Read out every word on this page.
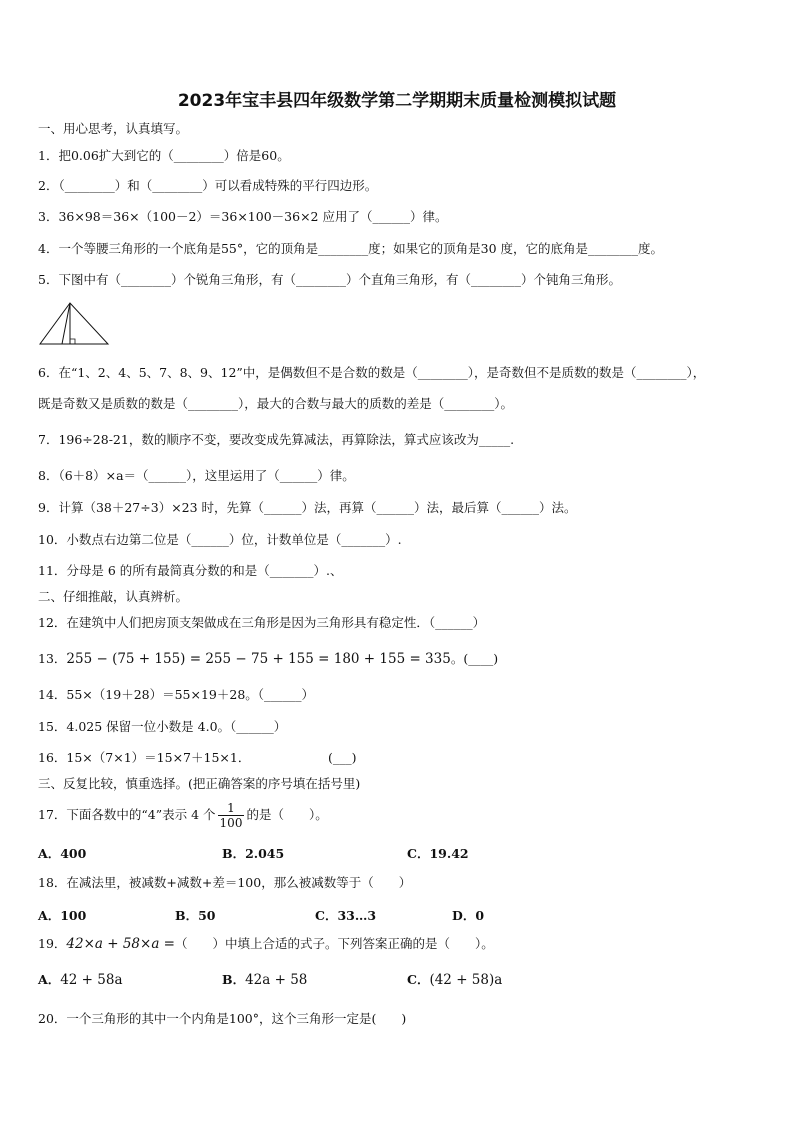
2023年宝丰县四年级数学第二学期期末质量检测模拟试题
一、用心思考，认真填写。
1．把0.06扩大到它的（________）倍是60。
2．（________）和（________）可以看成特殊的平行四边形。
3．36×98＝36×（100－2）＝36×100－36×2 应用了（______）律。
4．一个等腰三角形的一个底角是55°，它的顶角是________度；如果它的顶角是30 度，它的底角是________度。
5．下图中有（________）个锐角三角形，有（________）个直角三角形，有（________）个钝角三角形。
6．在“1、2、4、5、7、8、9、12”中，是偶数但不是合数的数是（________），是奇数但不是质数的数是（________），
既是奇数又是质数的数是（________），最大的合数与最大的质数的差是（________）。
7．196÷28-21，数的顺序不变，要改变成先算减法，再算除法，算式应该改为_____.
8．（6＋8）×a＝（______），这里运用了（______）律。
9．计算（38＋27÷3）×23 时，先算（______）法，再算（______）法，最后算（______）法。
10．小数点右边第二位是（______）位，计数单位是（_______）.
11．分母是 6 的所有最简真分数的和是（_______）.、
二、仔细推敲，认真辨析。
12．在建筑中人们把房顶支架做成在三角形是因为三角形具有稳定性．（______）
13．255 − (75 + 155) = 255 − 75 + 155 = 180 + 155 = 335。(____)
14．55×（19＋28）＝55×19＋28。（______）
15．4.025 保留一位小数是 4.0。（______）
16．15×（7×1）＝15×7＋15×1．	(___)
三、反复比较，慎重选择。(把正确答案的序号填在括号里)
17．下面各数中的“4”表示 4 个 $\frac{1}{100}$ 的是（　　）。
A．400	B．2.045	C．19.42
18．在减法里，被减数+减数+差＝100，那么被减数等于（　　）
A．100	B．50	C．33…3	D．0
19．42×a + 58×a =（　　）中填上合适的式子。下列答案正确的是（　　）。
A．42 + 58a	B．42a + 58	C．(42 + 58)a
20．一个三角形的其中一个内角是100°，这个三角形一定是(　　)
